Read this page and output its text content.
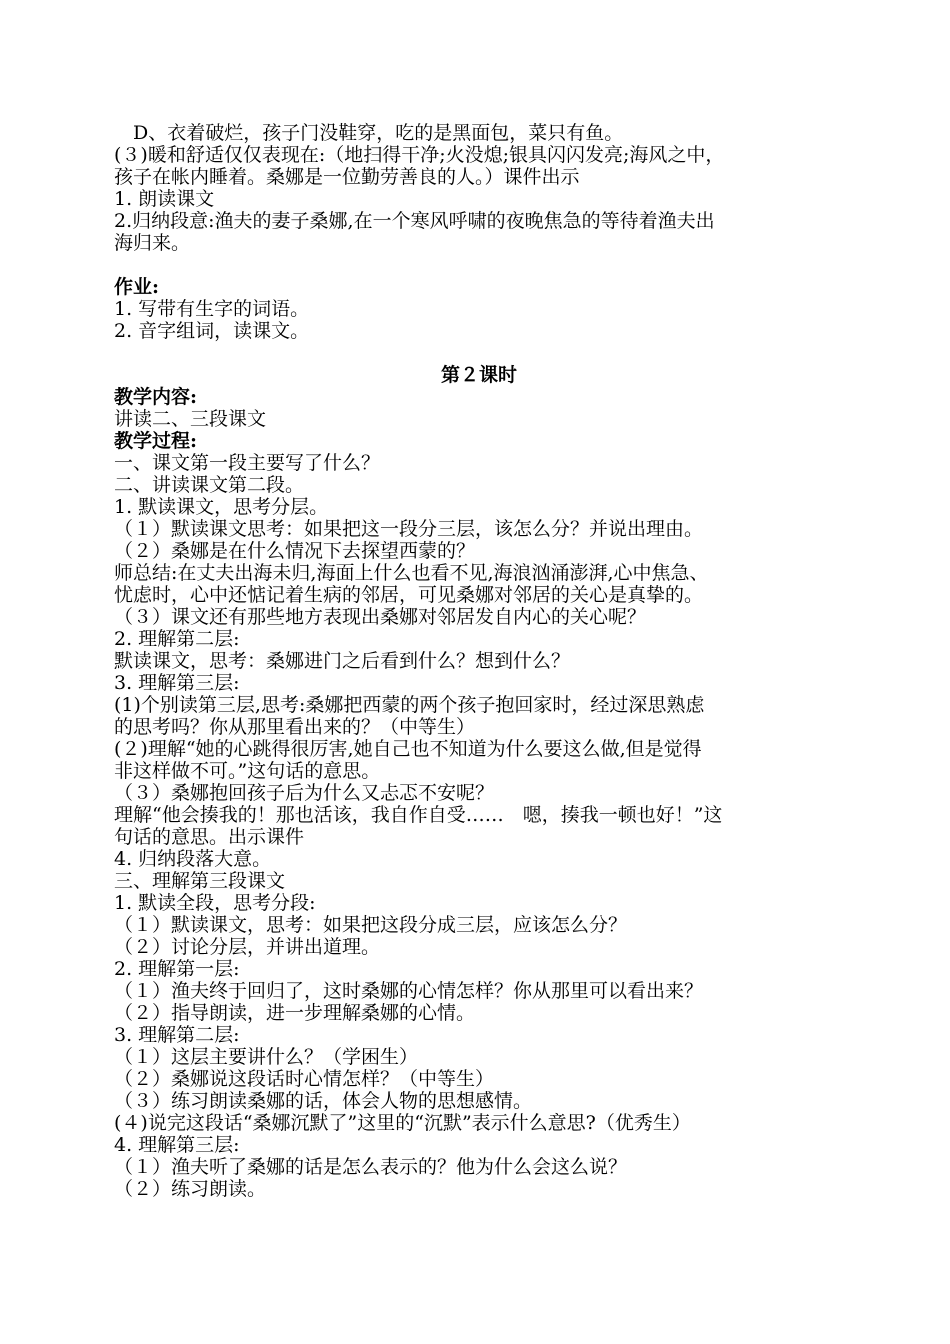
　D、衣着破烂，孩子门没鞋穿，吃的是黑面包，菜只有鱼。
(３)暖和舒适仅仅表现在:（地扫得干净;火没熄;银具闪闪发亮;海风之中，
孩子在帐内睡着。桑娜是一位勤劳善良的人。）课件出示
1. 朗读课文
2.归纳段意:渔夫的妻子桑娜,在一个寒风呼啸的夜晚焦急的等待着渔夫出
海归来。
作业:
1. 写带有生字的词语。
2. 音字组词，读课文。
第２课时
教学内容:
讲读二、三段课文
教学过程:
一、课文第一段主要写了什么？
二、讲读课文第二段。
1. 默读课文，思考分层。
（１）默读课文思考：如果把这一段分三层，该怎么分？并说出理由。
（２）桑娜是在什么情况下去探望西蒙的？
师总结:在丈夫出海未归,海面上什么也看不见,海浪汹涌澎湃,心中焦急、
忧虑时，心中还惦记着生病的邻居，可见桑娜对邻居的关心是真挚的。
（３）课文还有那些地方表现出桑娜对邻居发自内心的关心呢？
2. 理解第二层:
默读课文，思考：桑娜进门之后看到什么？想到什么？
3. 理解第三层:
(1)个别读第三层,思考:桑娜把西蒙的两个孩子抱回家时，经过深思熟虑
的思考吗？你从那里看出来的？（中等生）
(２)理解“她的心跳得很厉害,她自己也不知道为什么要这么做,但是觉得
非这样做不可。”这句话的意思。
（３）桑娜抱回孩子后为什么又忐忑不安呢？
理解“他会揍我的！那也活该，我自作自受……　嗯，揍我一顿也好！”这
句话的意思。出示课件
4. 归纳段落大意。
三、理解第三段课文
1. 默读全段，思考分段:
（１）默读课文，思考：如果把这段分成三层，应该怎么分？
（２）讨论分层，并讲出道理。
2. 理解第一层:
（１）渔夫终于回归了，这时桑娜的心情怎样？你从那里可以看出来？
（２）指导朗读，进一步理解桑娜的心情。
3. 理解第二层:
（１）这层主要讲什么？（学困生）
（２）桑娜说这段话时心情怎样？（中等生）
（３）练习朗读桑娜的话，体会人物的思想感情。
(４)说完这段话“桑娜沉默了”这里的“沉默”表示什么意思?（优秀生）
4. 理解第三层:
（１）渔夫听了桑娜的话是怎么表示的？他为什么会这么说？
（２）练习朗读。
